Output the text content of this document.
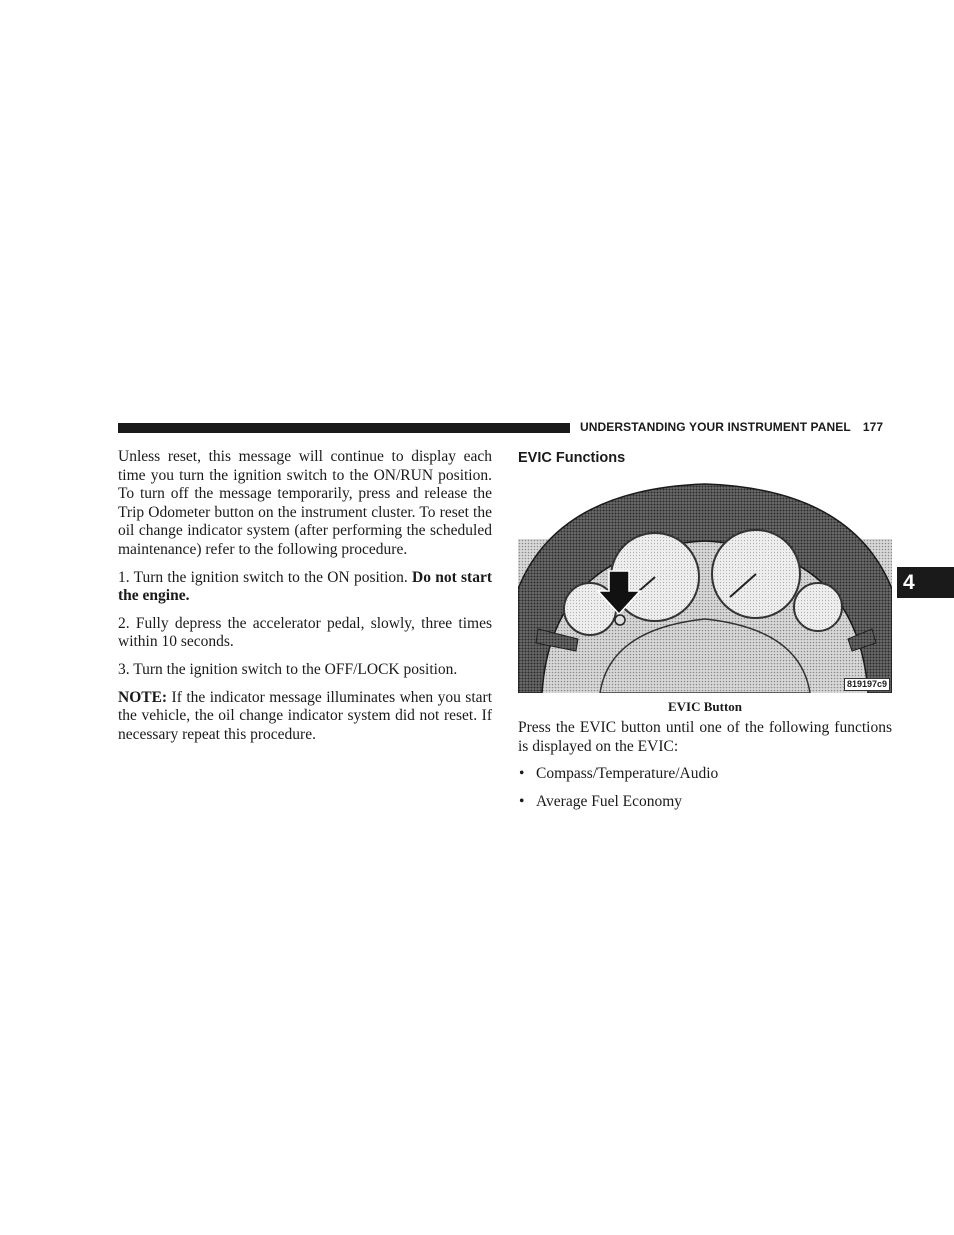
UNDERSTANDING YOUR INSTRUMENT PANEL 177
4

Unless reset, this message will continue to display each time you turn the ignition switch to the ON/RUN position. To turn off the message temporarily, press and release the Trip Odometer button on the instrument cluster. To reset the oil change indicator system (after performing the scheduled maintenance) refer to the following procedure.

1. Turn the ignition switch to the ON position. Do not start the engine.

2. Fully depress the accelerator pedal, slowly, three times within 10 seconds.

3. Turn the ignition switch to the OFF/LOCK position.

NOTE: If the indicator message illuminates when you start the vehicle, the oil change indicator system did not reset. If necessary repeat this procedure.

EVIC Functions
819197c9
EVIC Button

Press the EVIC button until one of the following functions is displayed on the EVIC:

• Compass/Temperature/Audio
• Average Fuel Economy
